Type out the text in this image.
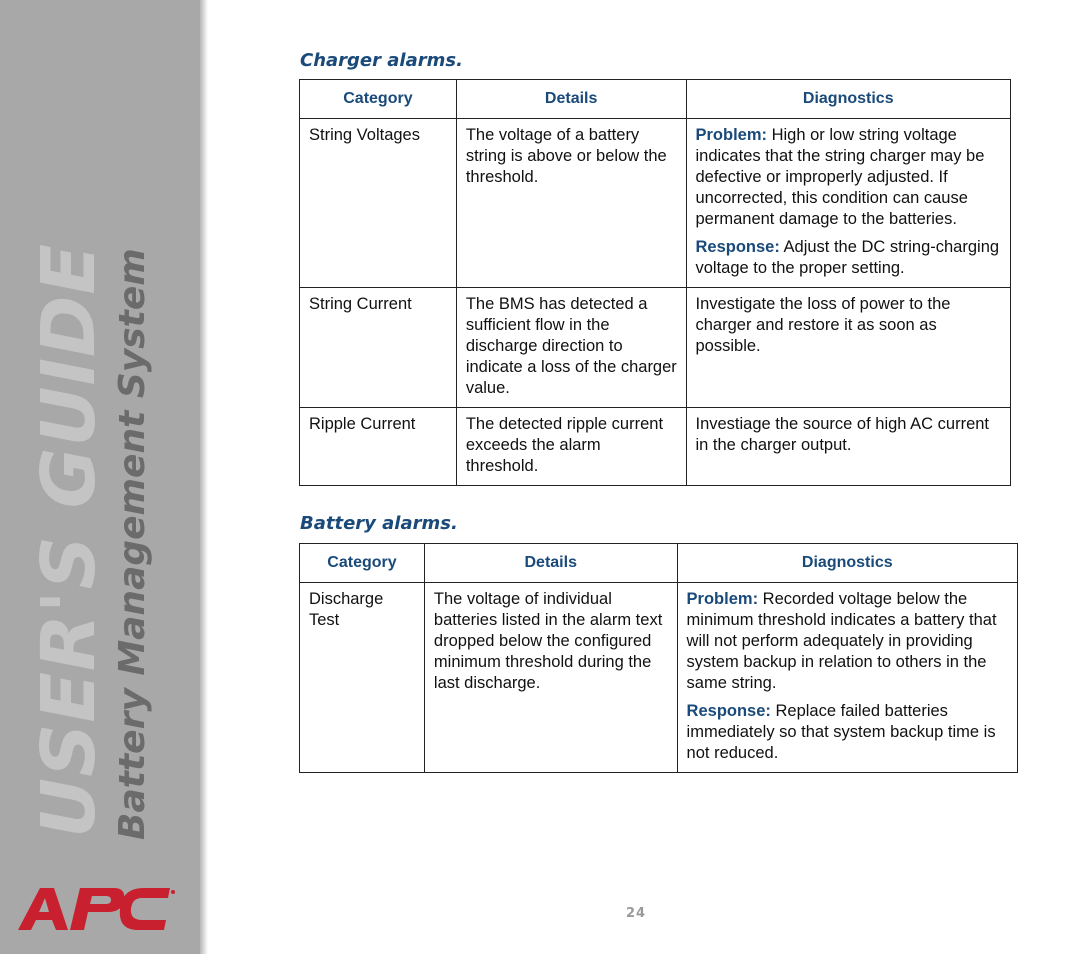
USER'S GUIDE Battery Management System
Charger alarms.
Category	Details	Diagnostics
String Voltages	The voltage of a battery string is above or below the threshold.	Problem: High or low string voltage indicates that the string charger may be defective or improperly adjusted. If uncorrected, this condition can cause permanent damage to the batteries.
Response: Adjust the DC string-charging voltage to the proper setting.

String Current	The BMS has detected a sufficient flow in the discharge direction to indicate a loss of the charger value.	Investigate the loss of power to the charger and restore it as soon as possible.
Ripple Current	The detected ripple current exceeds the alarm threshold.	Investiage the source of high AC current in the charger output.
Battery alarms.
Category	Details	Diagnostics
Discharge Test	The voltage of individual batteries listed in the alarm text dropped below the configured minimum threshold during the last discharge.	Problem: Recorded voltage below the minimum threshold indicates a battery that will not perform adequately in providing system backup in relation to others in the same string.
Response: Replace failed batteries immediately so that system backup time is not reduced.
24
